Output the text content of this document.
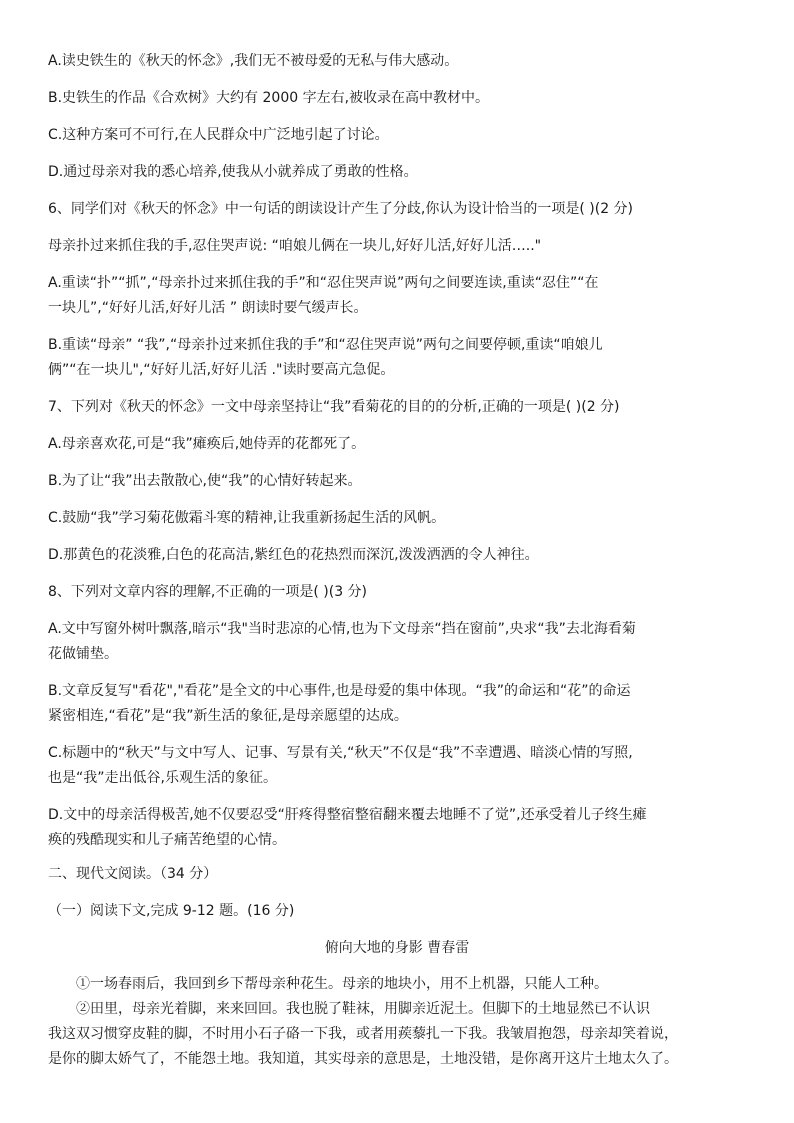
A.读史铁生的《秋天的怀念》,我们无不被母爱的无私与伟大感动。
B.史铁生的作品《合欢树》大约有 2000 字左右,被收录在高中教材中。
C.这种方案可不可行,在人民群众中广泛地引起了讨论。
D.通过母亲对我的悉心培养,使我从小就养成了勇敢的性格。
6、同学们对《秋天的怀念》中一句话的朗读设计产生了分歧,你认为设计恰当的一项是( )(2 分)
母亲扑过来抓住我的手,忍住哭声说: “咱娘儿俩在一块儿,好好儿活,好好儿活….."
A.重读“扑”“抓”,“母亲扑过来抓住我的手”和“忍住哭声说”两句之间要连读,重读“忍住”“在
一块儿”,“好好儿活,好好儿活 ” 朗读时要气缓声长。
B.重读“母亲” “我”,“母亲扑过来抓住我的手”和“忍住哭声说”两句之间要停顿,重读“咱娘儿
俩”“在一块儿",“好好儿活,好好儿活 ."读时要高亢急促。
7、下列对《秋天的怀念》一文中母亲坚持让“我”看菊花的目的的分析,正确的一项是( )(2 分)
A.母亲喜欢花,可是“我”瘫痪后,她侍弄的花都死了。
B.为了让“我”出去散散心,使“我”的心情好转起来。
C.鼓励“我”学习菊花傲霜斗寒的精神,让我重新扬起生活的风帆。
D.那黄色的花淡雅,白色的花高洁,紫红色的花热烈而深沉,泼泼洒洒的令人神往。
8、下列对文章内容的理解,不正确的一项是( )(3 分)
A.文中写窗外树叶飘落,暗示“我"当时悲凉的心情,也为下文母亲“挡在窗前”,央求“我”去北海看菊
花做铺垫。
B.文章反复写"看花","看花”是全文的中心事件,也是母爱的集中体现。“我”的命运和“花”的命运
紧密相连,“看花”是“我”新生活的象征,是母亲愿望的达成。
C.标题中的“秋天”与文中写人、记事、写景有关,“秋天”不仅是“我”不幸遭遇、暗淡心情的写照,
也是“我”走出低谷,乐观生活的象征。
D.文中的母亲活得极苦,她不仅要忍受“肝疼得整宿整宿翻来覆去地睡不了觉”,还承受着儿子终生瘫
痪的残酷现实和儿子痛苦绝望的心情。
二、现代文阅读。（34 分）
（一）阅读下文,完成 9-12 题。(16 分)
俯向大地的身影 曹春雷
①一场春雨后，我回到乡下帮母亲种花生。母亲的地块小，用不上机器，只能人工种。
②田里，母亲光着脚，来来回回。我也脱了鞋袜，用脚亲近泥土。但脚下的土地显然已不认识
我这双习惯穿皮鞋的脚，不时用小石子硌一下我，或者用蒺藜扎一下我。我皱眉抱怨，母亲却笑着说，
是你的脚太娇气了，不能怨土地。我知道，其实母亲的意思是，土地没错，是你离开这片土地太久了。
